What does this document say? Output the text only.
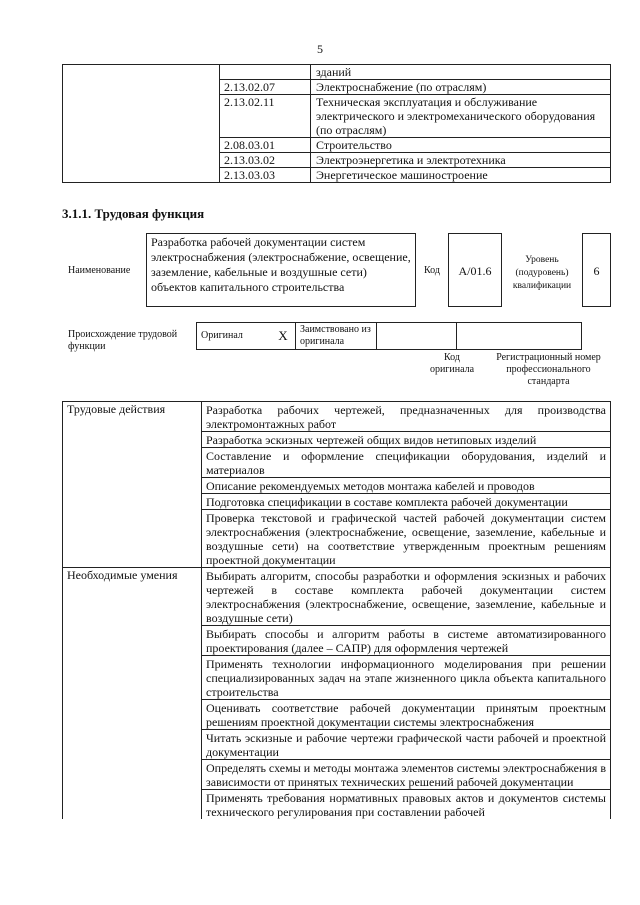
5
		зданий
	2.13.02.07	Электроснабжение (по отраслям)
	2.13.02.11	Техническая эксплуатация и обслуживание электрического и электромеханического оборудования (по отраслям)
	2.08.03.01	Строительство
	2.13.03.02	Электроэнергетика и электротехника
	2.13.03.03	Энергетическое машиностроение
3.1.1. Трудовая функция
Наименование
Разработка рабочей документации систем электроснабжения (электроснабжение, освещение, заземление, кабельные и воздушные сети) объектов капитального строительства
Код	A/01.6
Уровень (подуровень) квалификации
6
Происхождение трудовой функции
Оригинал	X	Заимствовано из оригинала		
Код оригинала
Регистрационный номер профессионального стандарта
Трудовые действия	Разработка рабочих чертежей, предназначенных для производства электромонтажных работ
	Разработка эскизных чертежей общих видов нетиповых изделий
	Составление и оформление спецификации оборудования, изделий и материалов
	Описание рекомендуемых методов монтажа кабелей и проводов
	Подготовка спецификации в составе комплекта рабочей документации
	Проверка текстовой и графической частей рабочей документации систем электроснабжения (электроснабжение, освещение, заземление, кабельные и воздушные сети) на соответствие утвержденным проектным решениям проектной документации
Необходимые умения	Выбирать алгоритм, способы разработки и оформления эскизных и рабочих чертежей в составе комплекта рабочей документации систем электроснабжения (электроснабжение, освещение, заземление, кабельные и воздушные сети)
	Выбирать способы и алгоритм работы в системе автоматизированного проектирования (далее – САПР) для оформления чертежей
	Применять технологии информационного моделирования при решении специализированных задач на этапе жизненного цикла объекта капитального строительства
	Оценивать соответствие рабочей документации принятым проектным решениям проектной документации системы электроснабжения
	Читать эскизные и рабочие чертежи графической части рабочей и проектной документации
	Определять схемы и методы монтажа элементов системы электроснабжения в зависимости от принятых технических решений рабочей документации
	Применять требования нормативных правовых актов и документов системы технического регулирования при составлении рабочей
